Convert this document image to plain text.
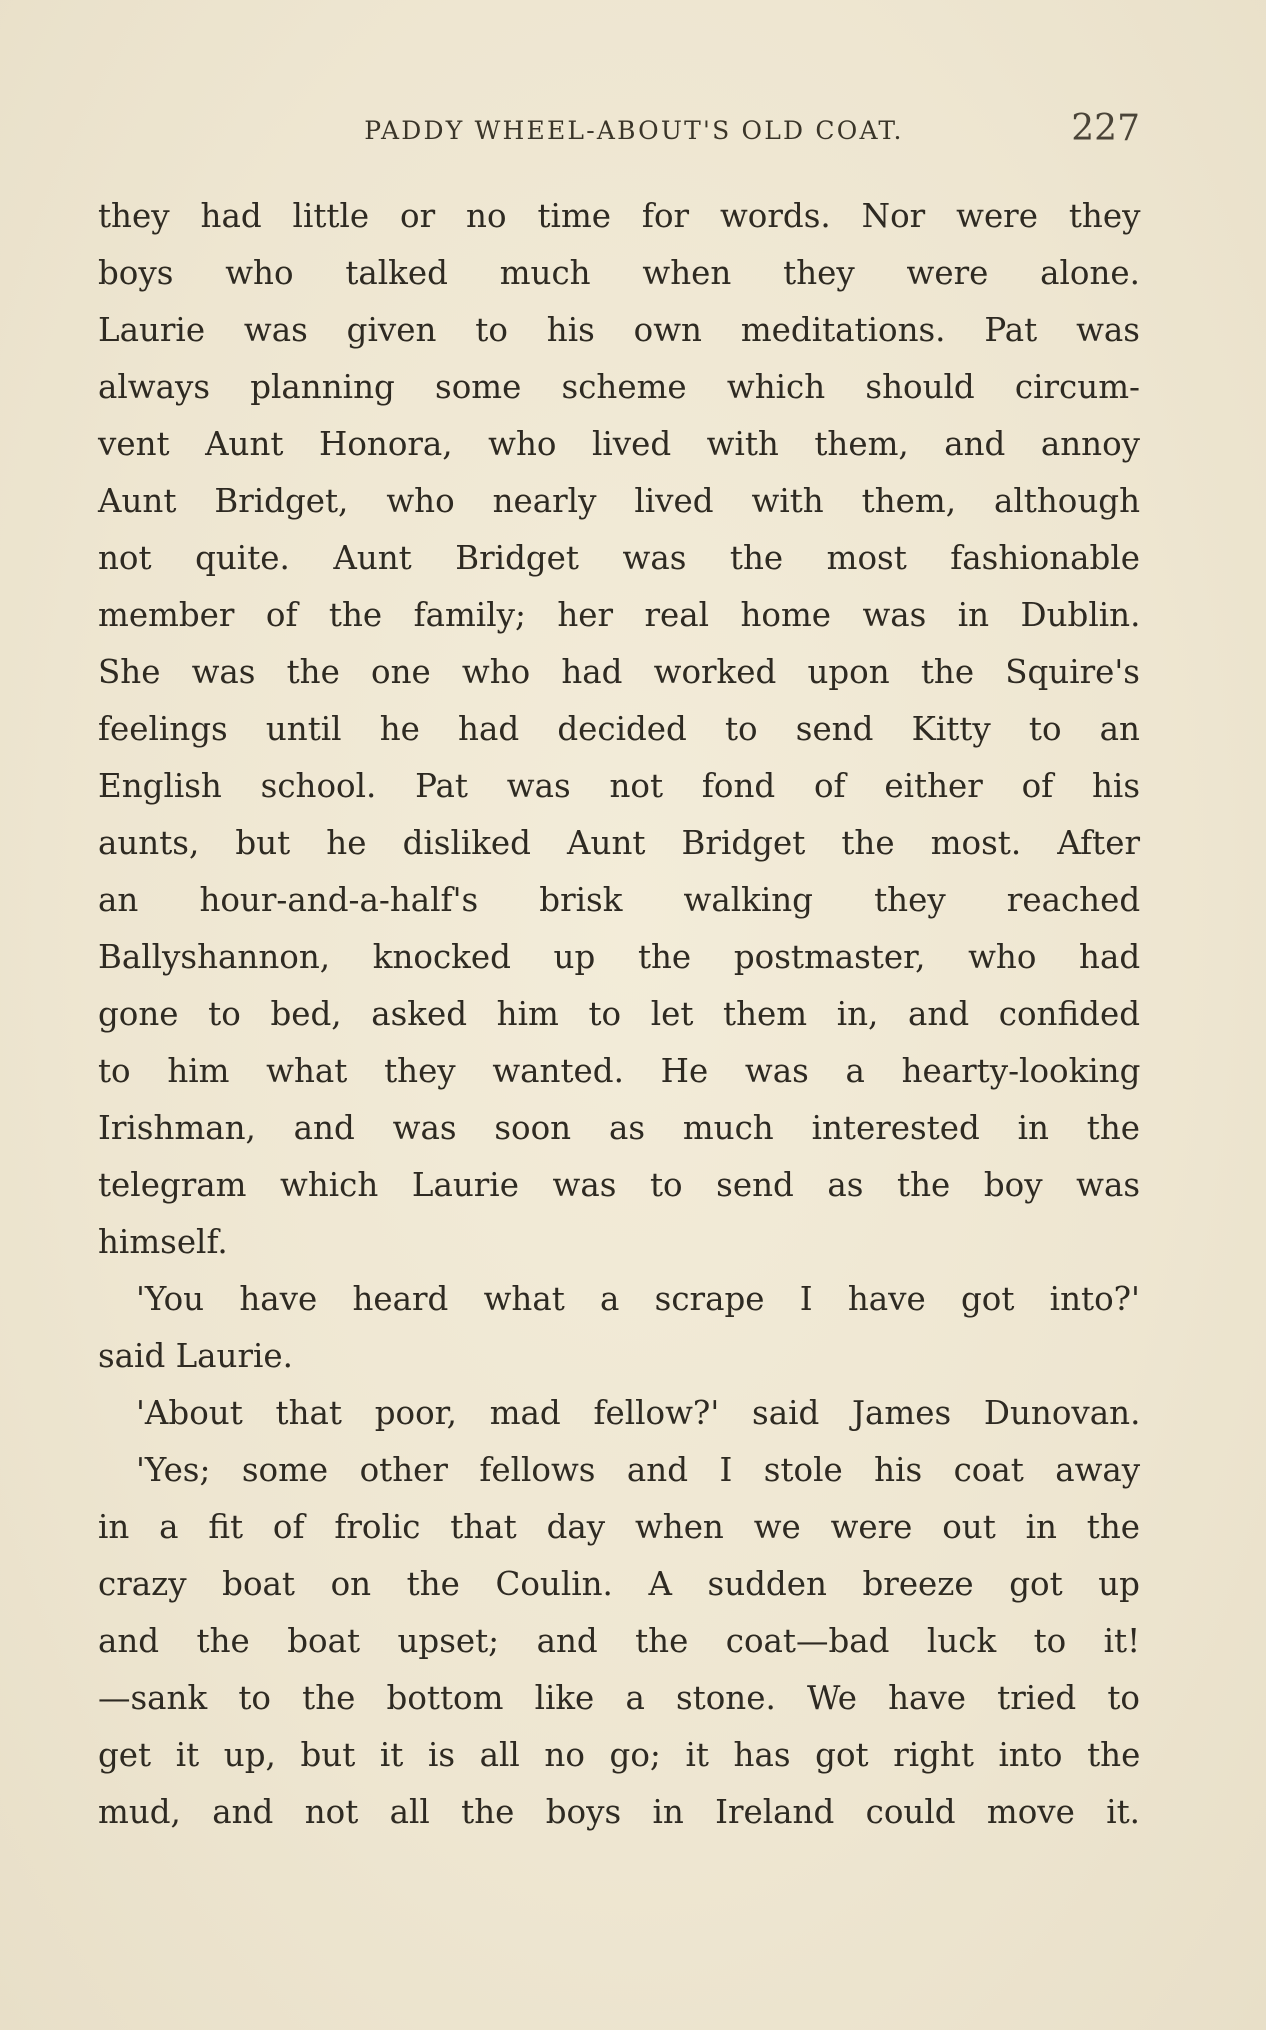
PADDY WHEEL-ABOUT'S OLD COAT.	227
they had little or no time for words. Nor were they
boys who talked much when they were alone.
Laurie was given to his own meditations. Pat was
always planning some scheme which should circum-
vent Aunt Honora, who lived with them, and annoy
Aunt Bridget, who nearly lived with them, although
not quite. Aunt Bridget was the most fashionable
member of the family; her real home was in Dublin.
She was the one who had worked upon the Squire's
feelings until he had decided to send Kitty to an
English school. Pat was not fond of either of his
aunts, but he disliked Aunt Bridget the most. After
an hour-and-a-half's brisk walking they reached
Ballyshannon, knocked up the postmaster, who had
gone to bed, asked him to let them in, and confided
to him what they wanted. He was a hearty-looking
Irishman, and was soon as much interested in the
telegram which Laurie was to send as the boy was
himself.
'You have heard what a scrape I have got into?'
said Laurie.
'About that poor, mad fellow?' said James Dunovan.
'Yes; some other fellows and I stole his coat away
in a fit of frolic that day when we were out in the
crazy boat on the Coulin. A sudden breeze got up
and the boat upset; and the coat—bad luck to it!
—sank to the bottom like a stone. We have tried to
get it up, but it is all no go; it has got right into the
mud, and not all the boys in Ireland could move it.
